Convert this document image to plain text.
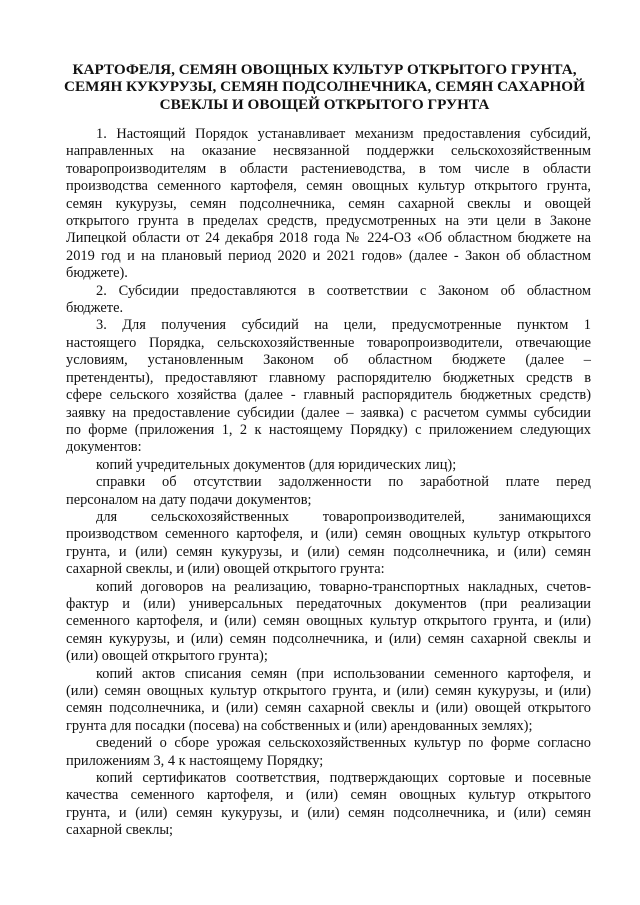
КАРТОФЕЛЯ, СЕМЯН ОВОЩНЫХ КУЛЬТУР ОТКРЫТОГО ГРУНТА,
СЕМЯН КУКУРУЗЫ, СЕМЯН ПОДСОЛНЕЧНИКА, СЕМЯН САХАРНОЙ
СВЕКЛЫ И ОВОЩЕЙ ОТКРЫТОГО ГРУНТА
1. Настоящий Порядок устанавливает механизм предоставления субсидий,
направленных на оказание несвязанной поддержки сельскохозяйственным
товаропроизводителям в области растениеводства, в том числе в области
производства семенного картофеля, семян овощных культур открытого грунта,
семян кукурузы, семян подсолнечника, семян сахарной свеклы и овощей
открытого грунта в пределах средств, предусмотренных на эти цели в Законе
Липецкой области от 24 декабря 2018 года № 224-ОЗ «Об областном бюджете на
2019 год и на плановый период 2020 и 2021 годов» (далее - Закон об областном
бюджете).
2. Субсидии предоставляются в соответствии с Законом об областном
бюджете.
3. Для получения субсидий на цели, предусмотренные пунктом 1
настоящего Порядка, сельскохозяйственные товаропроизводители, отвечающие
условиям, установленным Законом об областном бюджете (далее –
претенденты), предоставляют главному распорядителю бюджетных средств в
сфере сельского хозяйства (далее - главный распорядитель бюджетных средств)
заявку на предоставление субсидии (далее – заявка) с расчетом суммы субсидии
по форме (приложения 1, 2 к настоящему Порядку) с приложением следующих
документов:
копий учредительных документов (для юридических лиц);
справки об отсутствии задолженности по заработной плате перед
персоналом на дату подачи документов;
для сельскохозяйственных товаропроизводителей, занимающихся
производством семенного картофеля, и (или) семян овощных культур открытого
грунта, и (или) семян кукурузы, и (или) семян подсолнечника, и (или) семян
сахарной свеклы, и (или) овощей открытого грунта:
копий договоров на реализацию, товарно-транспортных накладных, счетов-
фактур и (или) универсальных передаточных документов (при реализации
семенного картофеля, и (или) семян овощных культур открытого грунта, и (или)
семян кукурузы, и (или) семян подсолнечника, и (или) семян сахарной свеклы и
(или) овощей открытого грунта);
копий актов списания семян (при использовании семенного картофеля, и
(или) семян овощных культур открытого грунта, и (или) семян кукурузы, и (или)
семян подсолнечника, и (или) семян сахарной свеклы и (или) овощей открытого
грунта для посадки (посева) на собственных и (или) арендованных землях);
сведений о сборе урожая сельскохозяйственных культур по форме согласно
приложениям 3, 4 к настоящему Порядку;
копий сертификатов соответствия, подтверждающих сортовые и посевные
качества семенного картофеля, и (или) семян овощных культур открытого
грунта, и (или) семян кукурузы, и (или) семян подсолнечника, и (или) семян
сахарной свеклы;
